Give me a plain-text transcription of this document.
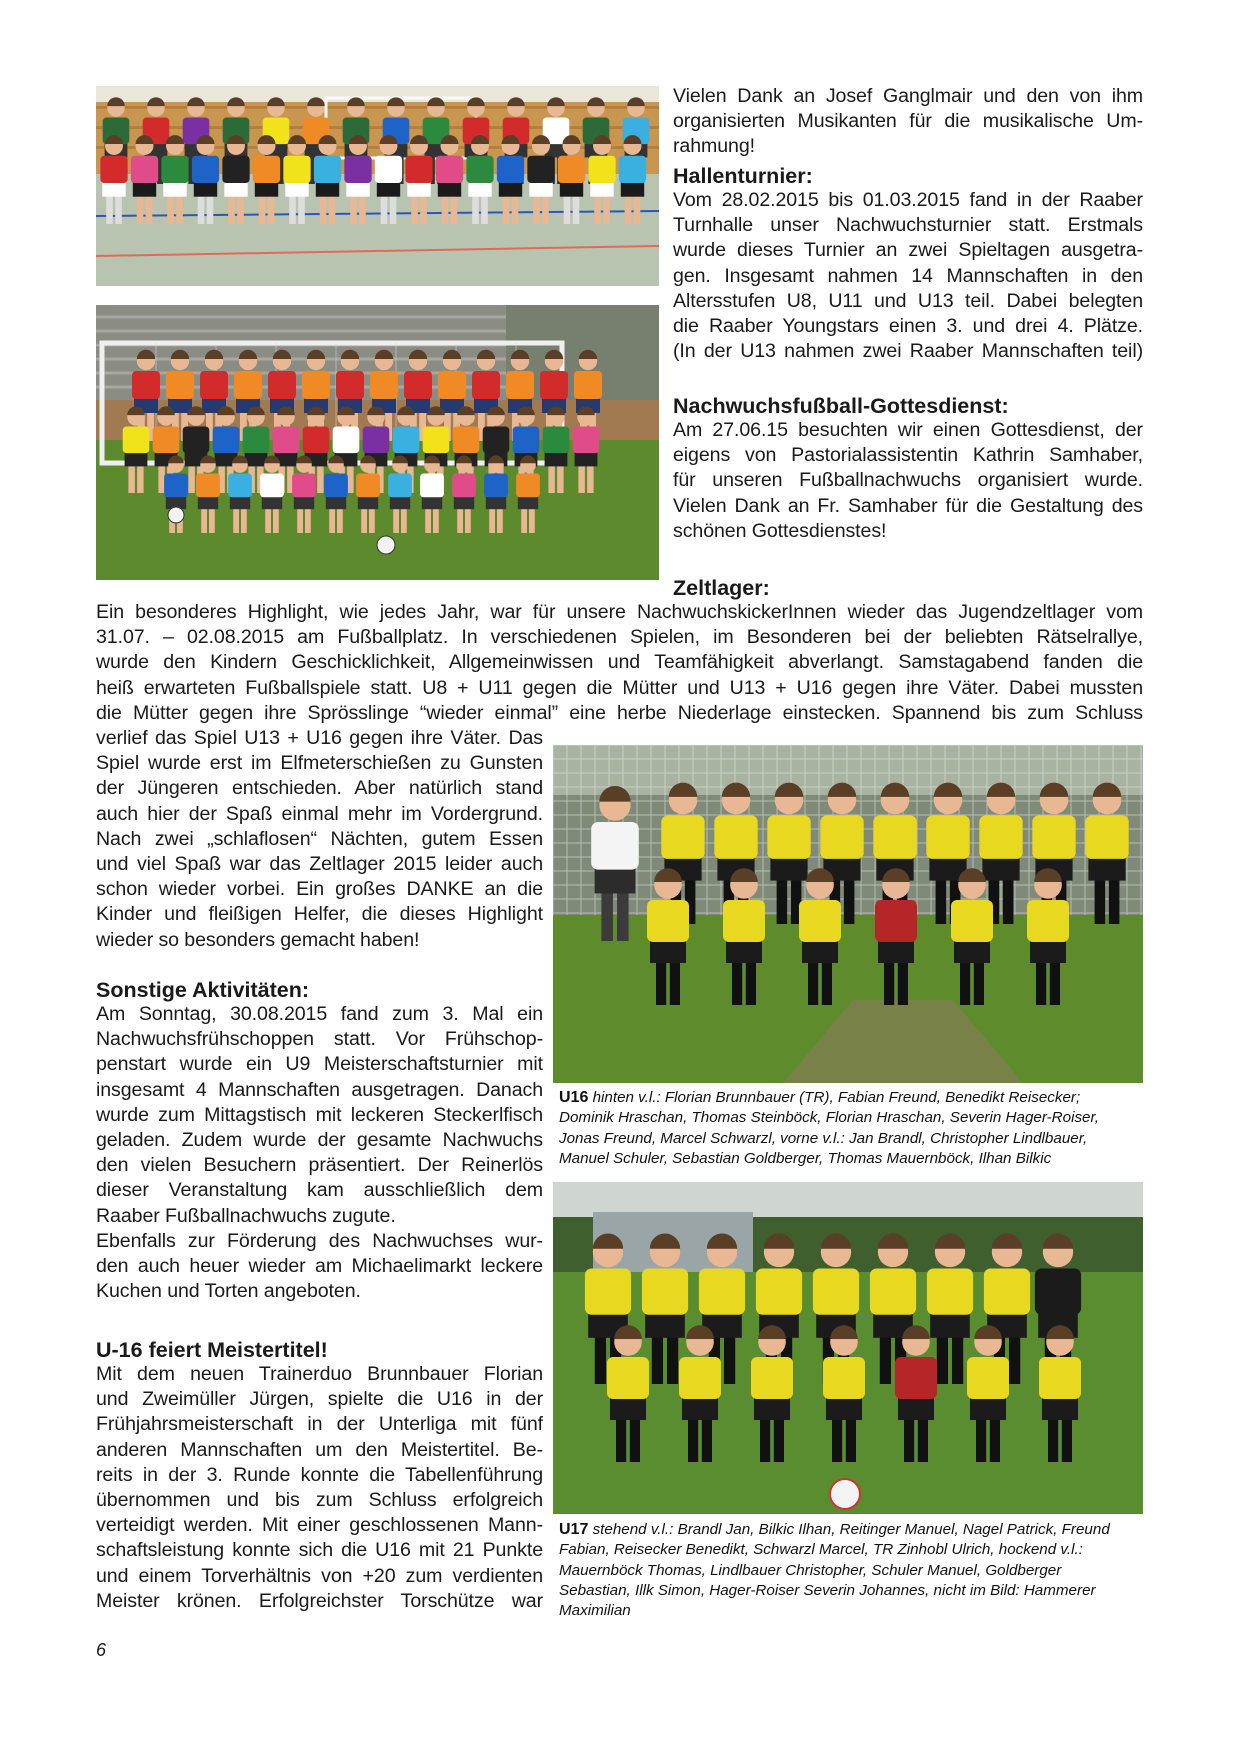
Vielen Dank an Josef Ganglmair und den von ihm
organisierten Musikanten für die musikalische Um-
rahmung!
Hallenturnier:
Vom 28.02.2015 bis 01.03.2015 fand in der Raaber
Turnhalle unser Nachwuchsturnier statt. Erstmals
wurde dieses Turnier an zwei Spieltagen ausgetra-
gen. Insgesamt nahmen 14 Mannschaften in den
Altersstufen U8, U11 und U13 teil. Dabei belegten
die Raaber Youngstars einen 3. und drei 4. Plätze.
(In der U13 nahmen zwei Raaber Mannschaften teil)
Nachwuchsfußball-Gottesdienst:
Am 27.06.15 besuchten wir einen Gottesdienst, der
eigens von Pastorialassistentin Kathrin Samhaber,
für unseren Fußballnachwuchs organisiert wurde.
Vielen Dank an Fr. Samhaber für die Gestaltung des
schönen Gottesdienstes!
Zeltlager:
Ein besonderes Highlight, wie jedes Jahr, war für unsere NachwuchskickerInnen wieder das Jugendzeltlager vom
31.07. – 02.08.2015 am Fußballplatz. In verschiedenen Spielen, im Besonderen bei der beliebten Rätselrallye,
wurde den Kindern Geschicklichkeit, Allgemeinwissen und Teamfähigkeit abverlangt. Samstagabend fanden die
heiß erwarteten Fußballspiele statt. U8 + U11 gegen die Mütter und U13 + U16 gegen ihre Väter. Dabei mussten
die Mütter gegen ihre Sprösslinge “wieder einmal” eine herbe Niederlage einstecken. Spannend bis zum Schluss
verlief das Spiel U13 + U16 gegen ihre Väter. Das
Spiel wurde erst im Elfmeterschießen zu Gunsten
der Jüngeren entschieden. Aber natürlich stand
auch hier der Spaß einmal mehr im Vordergrund.
Nach zwei „schlaflosen“ Nächten, gutem Essen
und viel Spaß war das Zeltlager 2015 leider auch
schon wieder vorbei. Ein großes DANKE an die
Kinder und fleißigen Helfer, die dieses Highlight
wieder so besonders gemacht haben!
Sonstige Aktivitäten:
Am Sonntag, 30.08.2015 fand zum 3. Mal ein
Nachwuchsfrühschoppen statt. Vor Frühschop-
penstart wurde ein U9 Meisterschaftsturnier mit
insgesamt 4 Mannschaften ausgetragen. Danach
wurde zum Mittagstisch mit leckeren Steckerlfisch
geladen. Zudem wurde der gesamte Nachwuchs
den vielen Besuchern präsentiert. Der Reinerlös
dieser Veranstaltung kam ausschließlich dem
Raaber Fußballnachwuchs zugute.
Ebenfalls zur Förderung des Nachwuchses wur-
den auch heuer wieder am Michaelimarkt leckere
Kuchen und Torten angeboten.
U-16 feiert Meistertitel!
Mit dem neuen Trainerduo Brunnbauer Florian
und Zweimüller Jürgen, spielte die U16 in der
Frühjahrsmeisterschaft in der Unterliga mit fünf
anderen Mannschaften um den Meistertitel. Be-
reits in der 3. Runde konnte die Tabellenführung
übernommen und bis zum Schluss erfolgreich
verteidigt werden. Mit einer geschlossenen Mann-
schaftsleistung konnte sich die U16 mit 21 Punkte
und einem Torverhältnis von +20 zum verdienten
Meister krönen. Erfolgreichster Torschütze war
U16 hinten v.l.: Florian Brunnbauer (TR), Fabian Freund, Benedikt Reisecker;
Dominik Hraschan, Thomas Steinböck, Florian Hraschan, Severin Hager-Roiser,
Jonas Freund, Marcel Schwarzl, vorne v.l.: Jan Brandl, Christopher Lindlbauer,
Manuel Schuler, Sebastian Goldberger, Thomas Mauernböck, Ilhan Bilkic
U17 stehend v.l.: Brandl Jan, Bilkic Ilhan, Reitinger Manuel, Nagel Patrick, Freund
Fabian, Reisecker Benedikt, Schwarzl Marcel, TR Zinhobl Ulrich, hockend v.l.:
Mauernböck Thomas, Lindlbauer Christopher, Schuler Manuel, Goldberger
Sebastian, Illk Simon, Hager-Roiser Severin Johannes, nicht im Bild: Hammerer
Maximilian
6
